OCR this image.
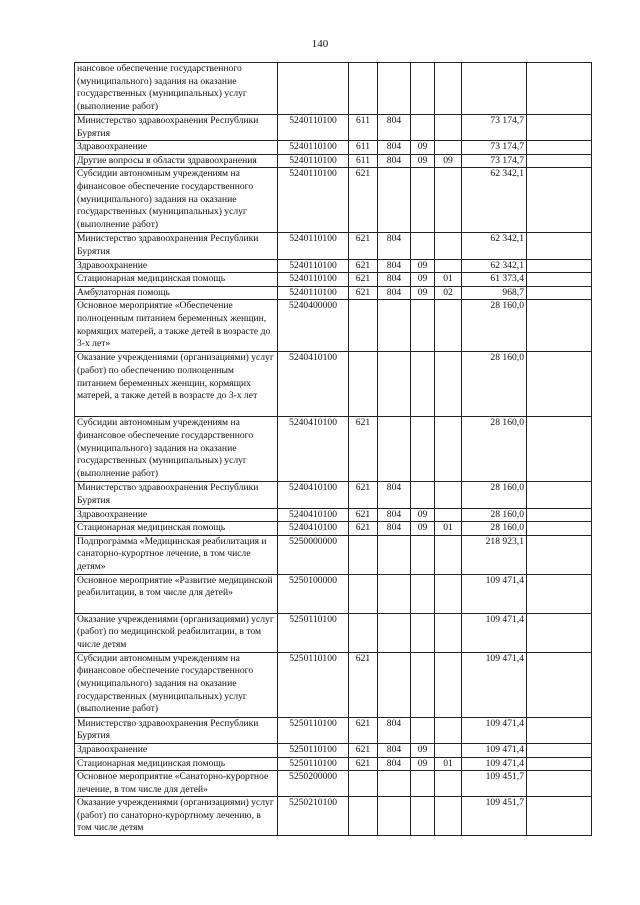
140
нансовое обеспечение государственного (муниципального) задания на оказание государственных (муниципальных) услуг (выполнение работ)							
Министерство здравоохранения Республики Бурятия	5240110100	611	804			73 174,7	
Здравоохранение	5240110100	611	804	09		73 174,7	
Другие вопросы в области здравоохранения	5240110100	611	804	09	09	73 174,7	
Субсидии автономным учреждениям на финансовое обеспечение государственного (муниципального) задания на оказание государственных (муниципальных) услуг (выполнение работ)	5240110100	621				62 342,1	
Министерство здравоохранения Республики Бурятия	5240110100	621	804			62 342,1	
Здравоохранение	5240110100	621	804	09		62 342,1	
Стационарная медицинская помощь	5240110100	621	804	09	01	61 373,4	
Амбулаторная помощь	5240110100	621	804	09	02	968,7	
Основное мероприятие «Обеспечение полноценным питанием беременных женщин, кормящих матерей, а также детей в возрасте до 3-х лет»	5240400000					28 160,0	
Оказание учреждениями (организациями) услуг (работ) по обеспечению полноценным питанием беременных женщин, кормящих матерей, а также детей в возрасте до 3-х лет	5240410100					28 160,0	
Субсидии автономным учреждениям на финансовое обеспечение государственного (муниципального) задания на оказание государственных (муниципальных) услуг (выполнение работ)	5240410100	621				28 160,0	
Министерство здравоохранения Республики Бурятия	5240410100	621	804			28 160,0	
Здравоохранение	5240410100	621	804	09		28 160,0	
Стационарная медицинская помощь	5240410100	621	804	09	01	28 160,0	
Подпрограмма «Медицинская реабилитация и санаторно-курортное лечение, в том числе детям»	5250000000					218 923,1	
Основное мероприятие «Развитие медицинской реабилитации, в том числе для детей»	5250100000					109 471,4	
Оказание учреждениями (организациями) услуг (работ) по медицинской реабилитации, в том числе детям	5250110100					109 471,4	
Субсидии автономным учреждениям на финансовое обеспечение государственного (муниципального) задания на оказание государственных (муниципальных) услуг (выполнение работ)	5250110100	621				109 471,4	
Министерство здравоохранения Республики Бурятия	5250110100	621	804			109 471,4	
Здравоохранение	5250110100	621	804	09		109 471,4	
Стационарная медицинская помощь	5250110100	621	804	09	01	109 471,4	
Основное мероприятие «Санаторно-курортное лечение, в том числе для детей»	5250200000					109 451,7	
Оказание учреждениями (организациями) услуг (работ) по санаторно-курортному лечению, в том числе детям	5250210100					109 451,7	
